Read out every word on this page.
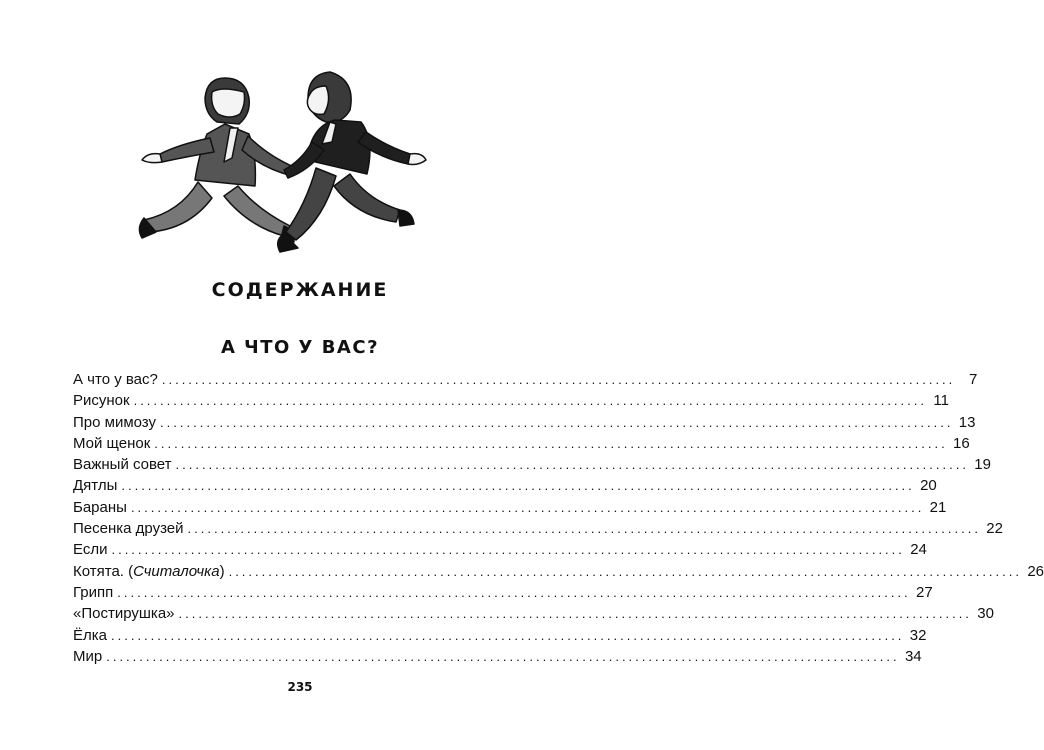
СОДЕРЖАНИЕ
А ЧТО У ВАС?
А что у вас? ........................................................................................................................ 7
Рисунок ........................................................................................................................ 11
Про мимозу ........................................................................................................................ 13
Мой щенок ........................................................................................................................ 16
Важный совет ........................................................................................................................ 19
Дятлы ........................................................................................................................ 20
Бараны ........................................................................................................................ 21
Песенка друзей ........................................................................................................................ 22
Если ........................................................................................................................ 24
Котята. (Считалочка) ........................................................................................................................ 26
Грипп ........................................................................................................................ 27
«Постирушка» ........................................................................................................................ 30
Ёлка ........................................................................................................................ 32
Мир ........................................................................................................................ 34
235
